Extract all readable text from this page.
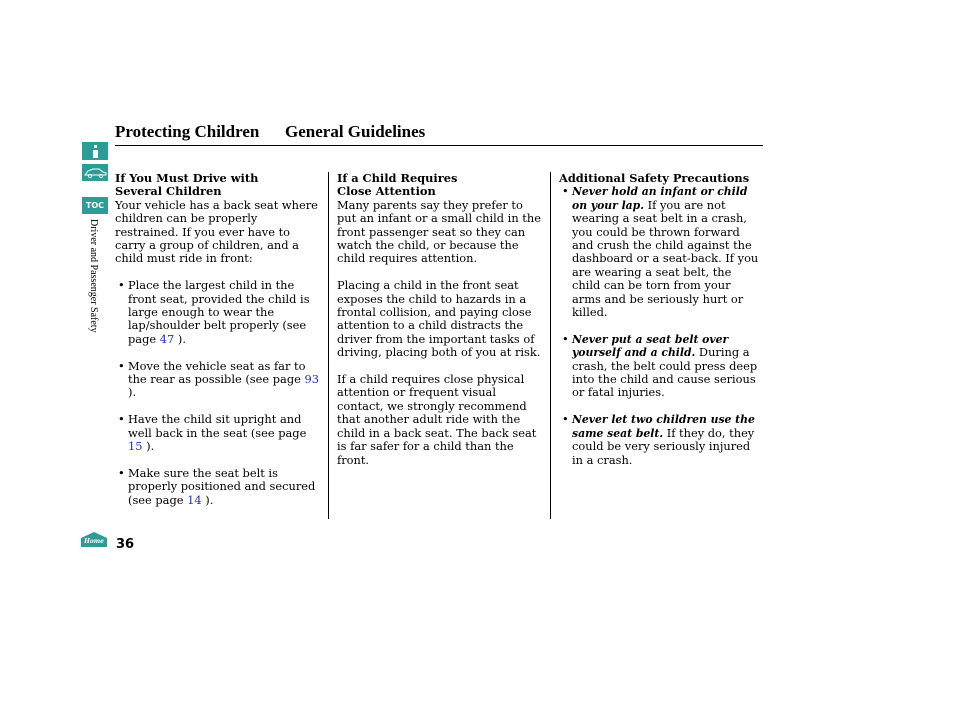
Protecting Children General Guidelines
TOC
Driver and Passenger Safety
If You Must Drive with
Several Children
Your vehicle has a back seat where children can be properly restrained. If you ever have to carry a group of children, and a child must ride in front:
• Place the largest child in the front seat, provided the child is large enough to wear the lap/shoulder belt properly (see page 47 ).
• Move the vehicle seat as far to the rear as possible (see page 93 ).
• Have the child sit upright and well back in the seat (see page 15 ).
• Make sure the seat belt is properly positioned and secured (see page 14 ).
If a Child Requires
Close Attention
Many parents say they prefer to put an infant or a small child in the front passenger seat so they can watch the child, or because the child requires attention.
Placing a child in the front seat exposes the child to hazards in a frontal collision, and paying close attention to a child distracts the driver from the important tasks of driving, placing both of you at risk.
If a child requires close physical attention or frequent visual contact, we strongly recommend that another adult ride with the child in a back seat. The back seat is far safer for a child than the front.
Additional Safety Precautions
• Never hold an infant or child on your lap. If you are not wearing a seat belt in a crash, you could be thrown forward and crush the child against the dashboard or a seat-back. If you are wearing a seat belt, the child can be torn from your arms and be seriously hurt or killed.
• Never put a seat belt over yourself and a child. During a crash, the belt could press deep into the child and cause serious or fatal injuries.
• Never let two children use the same seat belt. If they do, they could be very seriously injured in a crash.
Home 36
